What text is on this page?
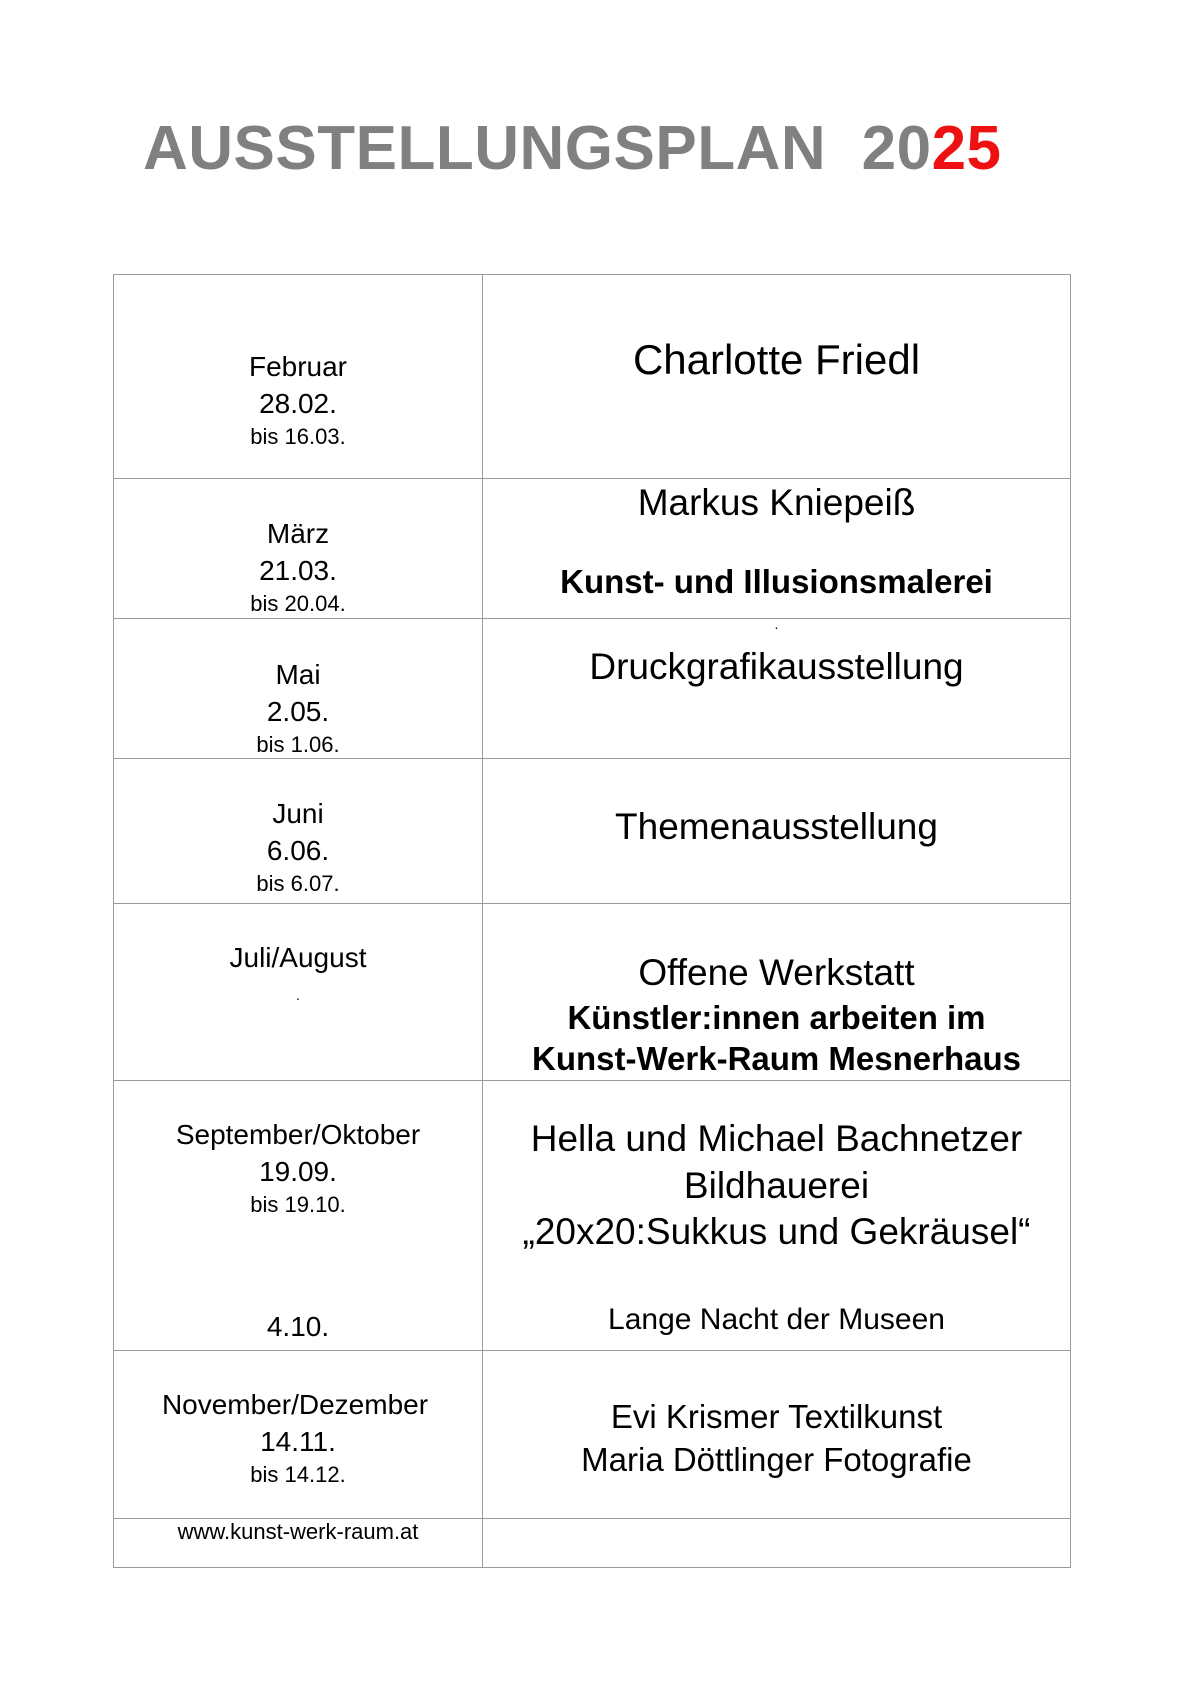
AUSSTELLUNGSPLAN 2025
Februar
28.02.
bis 16.03.
Charlotte Friedl
März
21.03.
bis 20.04.
Markus Kniepeiß
Kunst- und Illusionsmalerei
Mai
2.05.
bis 1.06.
.
Druckgrafikausstellung
Juni
6.06.
bis 6.07.
Themenausstellung
Juli/August
.
Offene Werkstatt
Künstler:innen arbeiten im
Kunst-Werk-Raum Mesnerhaus
September/Oktober
19.09.
bis 19.10.
4.10.
Hella und Michael Bachnetzer
Bildhauerei
„20x20:Sukkus und Gekräusel“
Lange Nacht der Museen
November/Dezember
14.11.
bis 14.12.
Evi Krismer Textilkunst
Maria Döttlinger Fotografie
www.kunst-werk-raum.at
